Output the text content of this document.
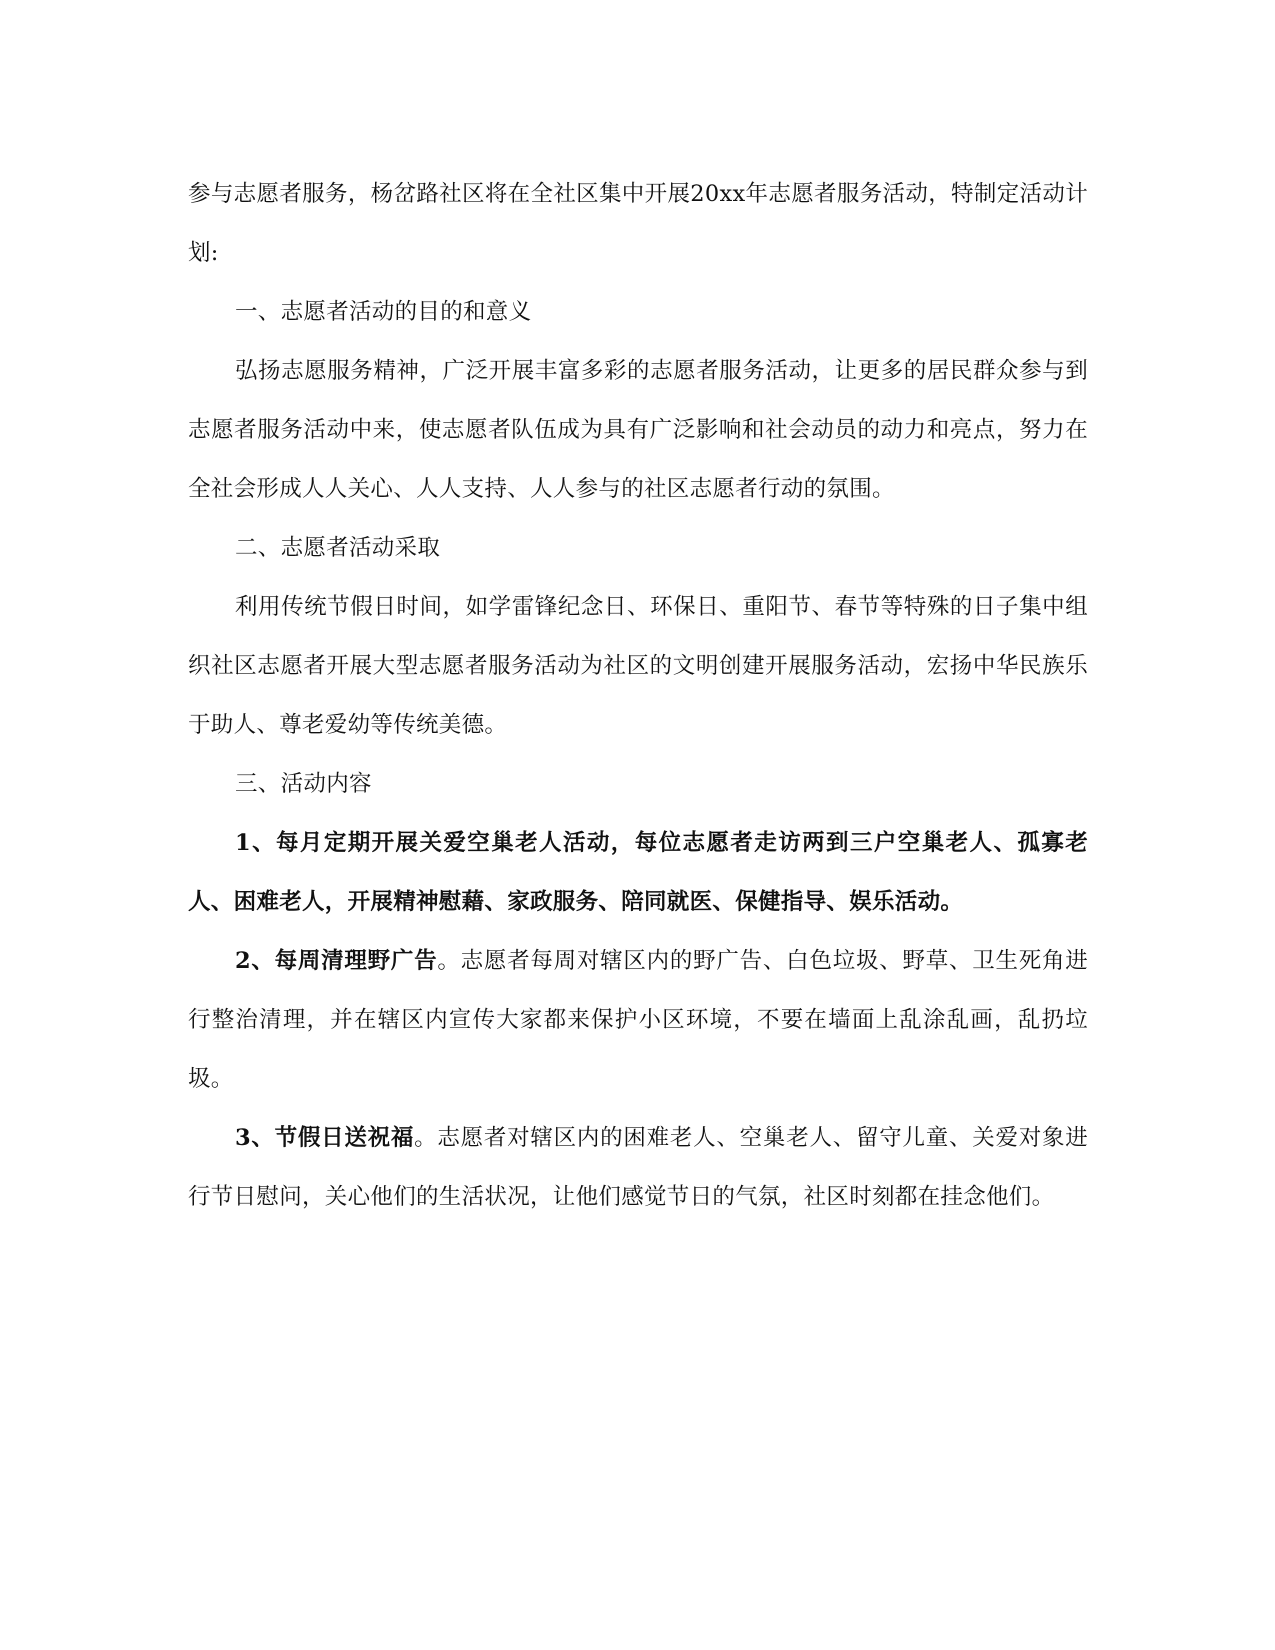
参与志愿者服务，杨岔路社区将在全社区集中开展20xx年志愿者服务活动，特制定活动计划:

一、志愿者活动的目的和意义

弘扬志愿服务精神，广泛开展丰富多彩的志愿者服务活动，让更多的居民群众参与到志愿者服务活动中来，使志愿者队伍成为具有广泛影响和社会动员的动力和亮点，努力在全社会形成人人关心、人人支持、人人参与的社区志愿者行动的氛围。

二、志愿者活动采取

利用传统节假日时间，如学雷锋纪念日、环保日、重阳节、春节等特殊的日子集中组织社区志愿者开展大型志愿者服务活动为社区的文明创建开展服务活动，宏扬中华民族乐于助人、尊老爱幼等传统美德。

三、活动内容

1、每月定期开展关爱空巢老人活动，每位志愿者走访两到三户空巢老人、孤寡老人、困难老人，开展精神慰藉、家政服务、陪同就医、保健指导、娱乐活动。

2、每周清理野广告。志愿者每周对辖区内的野广告、白色垃圾、野草、卫生死角进行整治清理，并在辖区内宣传大家都来保护小区环境，不要在墙面上乱涂乱画，乱扔垃圾。

3、节假日送祝福。志愿者对辖区内的困难老人、空巢老人、留守儿童、关爱对象进行节日慰问，关心他们的生活状况，让他们感觉节日的气氛，社区时刻都在挂念他们。
